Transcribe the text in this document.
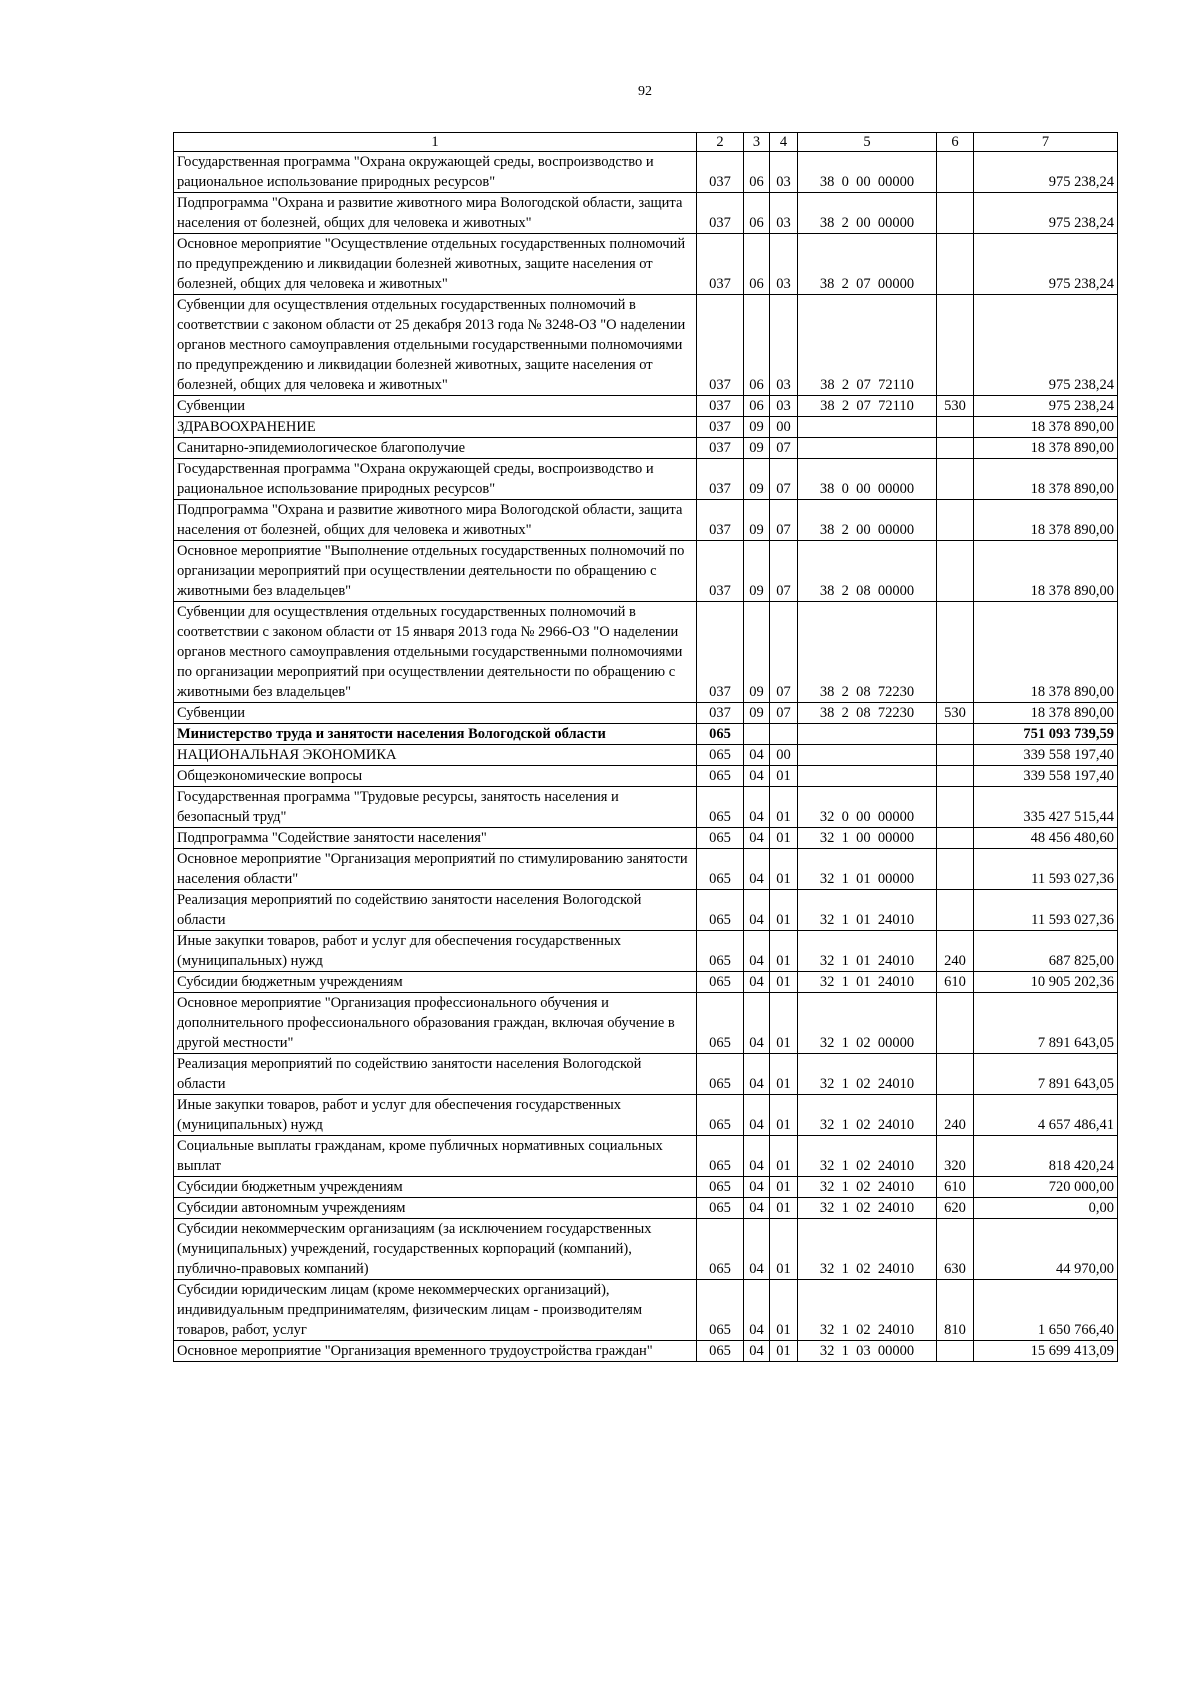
92
1	2	3	4	5	6	7
Государственная программа "Охрана окружающей среды, воспроизводство и рациональное использование природных ресурсов"	037	06	03	38  0  00  00000		975 238,24
Подпрограмма "Охрана и развитие животного мира Вологодской области, защита населения от болезней, общих для человека и животных"	037	06	03	38  2  00  00000		975 238,24
Основное мероприятие "Осуществление отдельных государственных полномочий по предупреждению и ликвидации болезней животных, защите населения от болезней, общих для человека и животных"	037	06	03	38  2  07  00000		975 238,24
Субвенции для осуществления отдельных государственных полномочий в соответствии с законом области от 25 декабря 2013 года № 3248-ОЗ "О наделении органов местного самоуправления отдельными государственными полномочиями по предупреждению и ликвидации болезней животных, защите населения от болезней, общих для человека и животных"	037	06	03	38  2  07  72110		975 238,24
Субвенции	037	06	03	38  2  07  72110	530	975 238,24
ЗДРАВООХРАНЕНИЕ	037	09	00			18 378 890,00
Санитарно-эпидемиологическое благополучие	037	09	07			18 378 890,00
Государственная программа "Охрана окружающей среды, воспроизводство и рациональное использование природных ресурсов"	037	09	07	38  0  00  00000		18 378 890,00
Подпрограмма "Охрана и развитие животного мира Вологодской области, защита населения от болезней, общих для человека и животных"	037	09	07	38  2  00  00000		18 378 890,00
Основное мероприятие "Выполнение отдельных государственных полномочий по организации мероприятий при осуществлении деятельности по обращению с животными без владельцев"	037	09	07	38  2  08  00000		18 378 890,00
Субвенции для осуществления отдельных государственных полномочий в соответствии с законом области от 15 января 2013 года № 2966-ОЗ "О наделении органов местного самоуправления отдельными государственными полномочиями по организации мероприятий при осуществлении деятельности по обращению с животными без владельцев"	037	09	07	38  2  08  72230		18 378 890,00
Субвенции	037	09	07	38  2  08  72230	530	18 378 890,00
Министерство труда и занятости населения Вологодской области	065					751 093 739,59
НАЦИОНАЛЬНАЯ ЭКОНОМИКА	065	04	00			339 558 197,40
Общеэкономические вопросы	065	04	01			339 558 197,40
Государственная программа "Трудовые ресурсы, занятость населения и безопасный труд"	065	04	01	32  0  00  00000		335 427 515,44
Подпрограмма "Содействие занятости населения"	065	04	01	32  1  00  00000		48 456 480,60
Основное мероприятие "Организация мероприятий по стимулированию занятости населения области"	065	04	01	32  1  01  00000		11 593 027,36
Реализация мероприятий по содействию занятости населения Вологодской области	065	04	01	32  1  01  24010		11 593 027,36
Иные закупки товаров, работ и услуг для обеспечения государственных (муниципальных) нужд	065	04	01	32  1  01  24010	240	687 825,00
Субсидии бюджетным учреждениям	065	04	01	32  1  01  24010	610	10 905 202,36
Основное мероприятие "Организация профессионального обучения и дополнительного профессионального образования граждан, включая обучение в другой местности"	065	04	01	32  1  02  00000		7 891 643,05
Реализация мероприятий по содействию занятости населения Вологодской области	065	04	01	32  1  02  24010		7 891 643,05
Иные закупки товаров, работ и услуг для обеспечения государственных (муниципальных) нужд	065	04	01	32  1  02  24010	240	4 657 486,41
Социальные выплаты гражданам, кроме публичных нормативных социальных выплат	065	04	01	32  1  02  24010	320	818 420,24
Субсидии бюджетным учреждениям	065	04	01	32  1  02  24010	610	720 000,00
Субсидии автономным учреждениям	065	04	01	32  1  02  24010	620	0,00
Субсидии некоммерческим организациям (за исключением государственных (муниципальных) учреждений, государственных корпораций (компаний), публично-правовых компаний)	065	04	01	32  1  02  24010	630	44 970,00
Субсидии юридическим лицам (кроме некоммерческих организаций), индивидуальным предпринимателям, физическим лицам - производителям товаров, работ, услуг	065	04	01	32  1  02  24010	810	1 650 766,40
Основное мероприятие "Организация временного трудоустройства граждан"	065	04	01	32  1  03  00000		15 699 413,09
